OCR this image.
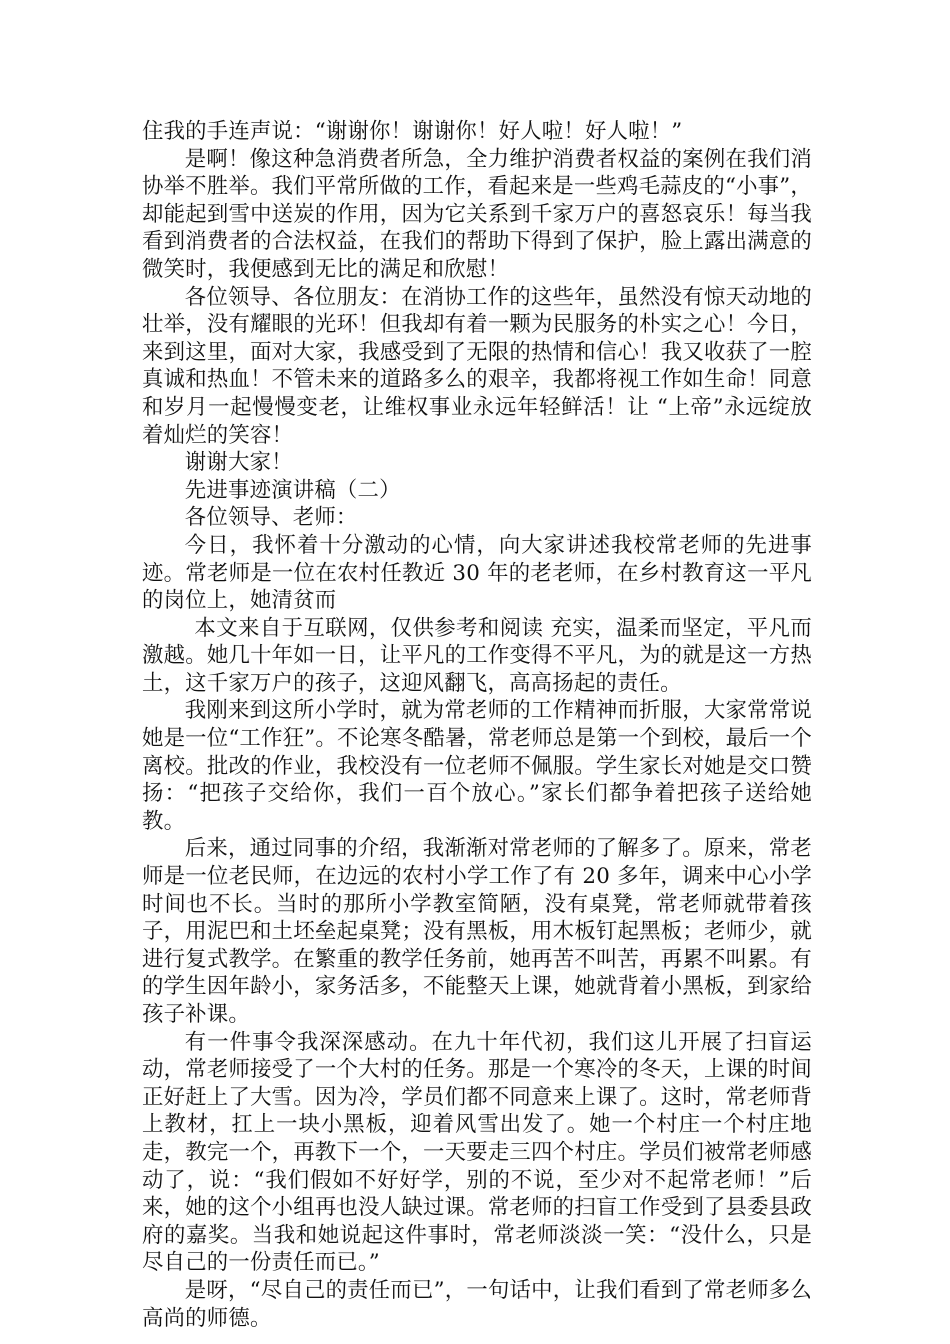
住我的手连声说：“谢谢你！谢谢你！好人啦！好人啦！”

是啊！像这种急消费者所急，全力维护消费者权益的案例在我们消协举不胜举。我们平常所做的工作，看起来是一些鸡毛蒜皮的“小事”，却能起到雪中送炭的作用，因为它关系到千家万户的喜怒哀乐！每当我看到消费者的合法权益，在我们的帮助下得到了保护，脸上露出满意的微笑时，我便感到无比的满足和欣慰！

各位领导、各位朋友：在消协工作的这些年，虽然没有惊天动地的壮举，没有耀眼的光环！但我却有着一颗为民服务的朴实之心！今日，来到这里，面对大家，我感受到了无限的热情和信心！我又收获了一腔真诚和热血！不管未来的道路多么的艰辛，我都将视工作如生命！同意和岁月一起慢慢变老，让维权事业永远年轻鲜活！让 “上帝”永远绽放着灿烂的笑容！

谢谢大家！

先进事迹演讲稿（二）

各位领导、老师：

今日，我怀着十分激动的心情，向大家讲述我校常老师的先进事迹。常老师是一位在农村任教近 30 年的老老师，在乡村教育这一平凡的岗位上，她清贫而

本文来自于互联网，仅供参考和阅读 充实，温柔而坚定，平凡而激越。她几十年如一日，让平凡的工作变得不平凡，为的就是这一方热土，这千家万户的孩子，这迎风翻飞，高高扬起的责任。

我刚来到这所小学时，就为常老师的工作精神而折服，大家常常说她是一位“工作狂”。不论寒冬酷暑，常老师总是第一个到校，最后一个离校。批改的作业，我校没有一位老师不佩服。学生家长对她是交口赞扬：“把孩子交给你，我们一百个放心。”家长们都争着把孩子送给她教。

后来，通过同事的介绍，我渐渐对常老师的了解多了。原来，常老师是一位老民师，在边远的农村小学工作了有 20 多年，调来中心小学时间也不长。当时的那所小学教室简陋，没有桌凳，常老师就带着孩子，用泥巴和土坯垒起桌凳；没有黑板，用木板钉起黑板；老师少，就进行复式教学。在繁重的教学任务前，她再苦不叫苦，再累不叫累。有的学生因年龄小，家务活多，不能整天上课，她就背着小黑板，到家给孩子补课。

有一件事令我深深感动。在九十年代初，我们这儿开展了扫盲运动，常老师接受了一个大村的任务。那是一个寒冷的冬天，上课的时间正好赶上了大雪。因为冷，学员们都不同意来上课了。这时，常老师背上教材，扛上一块小黑板，迎着风雪出发了。她一个村庄一个村庄地走，教完一个，再教下一个，一天要走三四个村庄。学员们被常老师感动了，说：“我们假如不好好学，别的不说，至少对不起常老师！”后来，她的这个小组再也没人缺过课。常老师的扫盲工作受到了县委县政府的嘉奖。当我和她说起这件事时，常老师淡淡一笑：“没什么，只是尽自己的一份责任而已。”

是呀，“尽自己的责任而已”，一句话中，让我们看到了常老师多么高尚的师德。
